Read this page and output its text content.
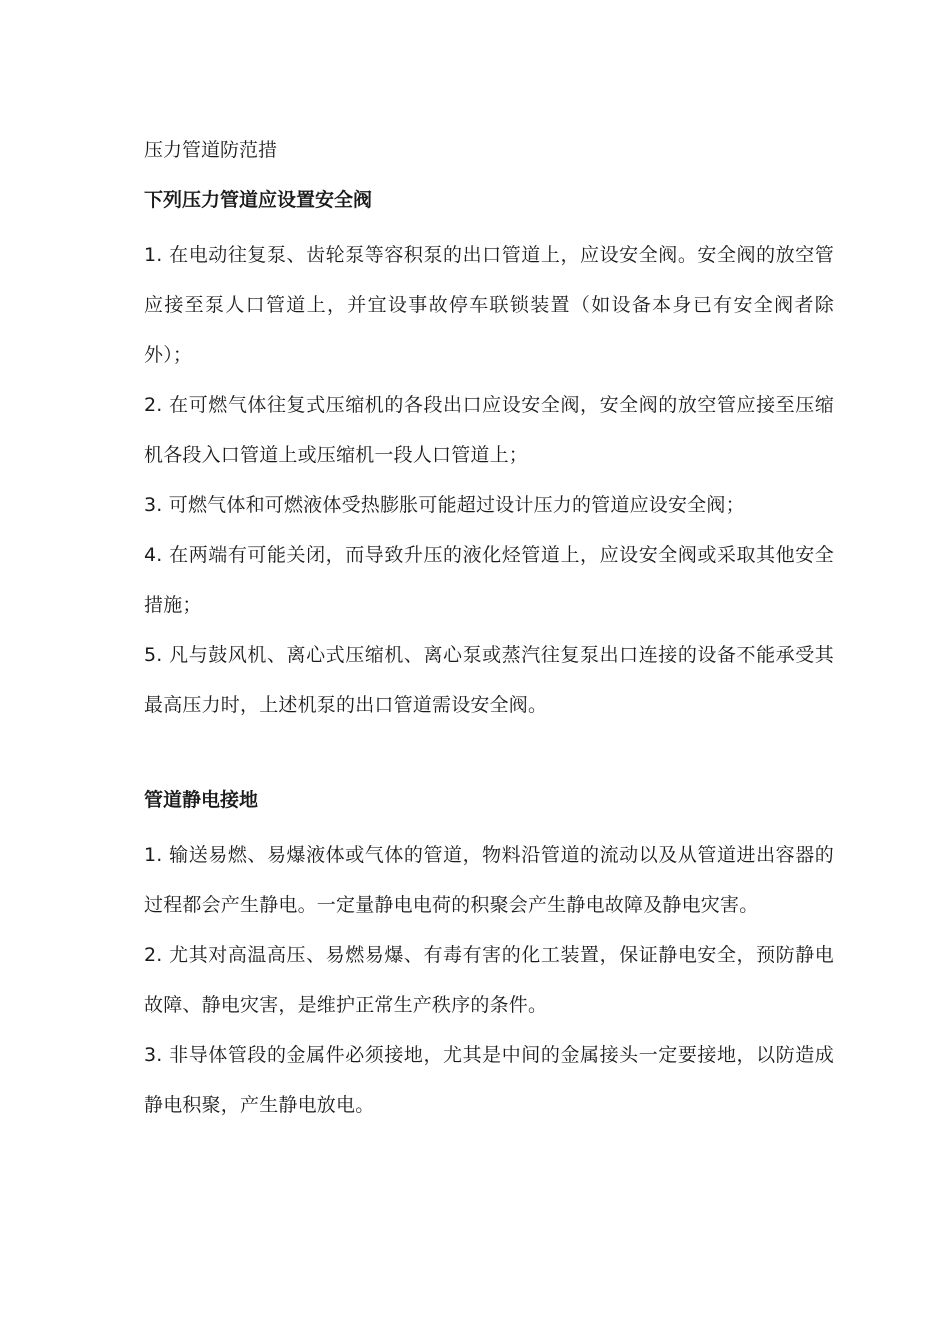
压力管道防范措
下列压力管道应设置安全阀

1. 在电动往复泵、齿轮泵等容积泵的出口管道上，应设安全阀。安全阀的放空管应接至泵人口管道上，并宜设事故停车联锁装置（如设备本身已有安全阀者除外）；

2. 在可燃气体往复式压缩机的各段出口应设安全阀，安全阀的放空管应接至压缩机各段入口管道上或压缩机一段人口管道上；

3. 可燃气体和可燃液体受热膨胀可能超过设计压力的管道应设安全阀；

4. 在两端有可能关闭，而导致升压的液化烃管道上，应设安全阀或采取其他安全措施；

5. 凡与鼓风机、离心式压缩机、离心泵或蒸汽往复泵出口连接的设备不能承受其最高压力时，上述机泵的出口管道需设安全阀。

管道静电接地

1. 输送易燃、易爆液体或气体的管道，物料沿管道的流动以及从管道进出容器的过程都会产生静电。一定量静电电荷的积聚会产生静电故障及静电灾害。

2. 尤其对高温高压、易燃易爆、有毒有害的化工装置，保证静电安全，预防静电故障、静电灾害，是维护正常生产秩序的条件。

3. 非导体管段的金属件必须接地，尤其是中间的金属接头一定要接地，以防造成静电积聚，产生静电放电。
